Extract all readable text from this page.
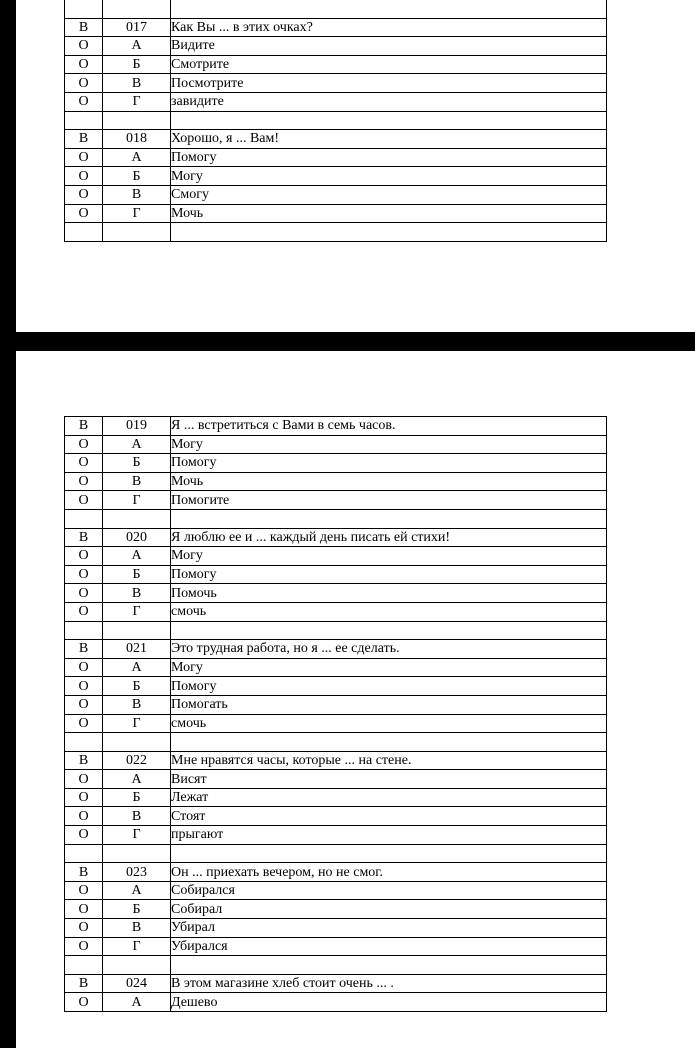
В	017	Как Вы ... в этих очках?
О	А	Видите
О	Б	Смотрите
О	В	Посмотрите
О	Г	завидите

В	018	Хорошо, я ... Вам!
О	А	Помогу
О	Б	Могу
О	В	Смогу
О	Г	Мочь

В	019	Я ... встретиться с Вами в семь часов.
О	А	Могу
О	Б	Помогу
О	В	Мочь
О	Г	Помогите

В	020	Я люблю ее и ... каждый день писать ей стихи!
О	А	Могу
О	Б	Помогу
О	В	Помочь
О	Г	смочь

В	021	Это трудная работа, но я ... ее сделать.
О	А	Могу
О	Б	Помогу
О	В	Помогать
О	Г	смочь

В	022	Мне нравятся часы, которые ... на стене.
О	А	Висят
О	Б	Лежат
О	В	Стоят
О	Г	прыгают

В	023	Он ... приехать вечером, но не смог.
О	А	Собирался
О	Б	Собирал
О	В	Убирал
О	Г	Убирался

В	024	В этом магазине хлеб стоит очень ... .
О	А	Дешево
